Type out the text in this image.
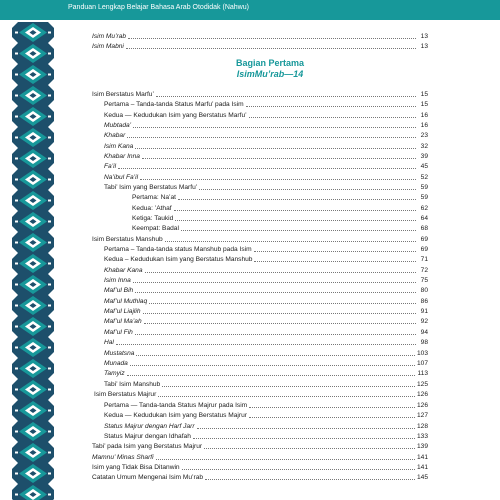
Panduan Lengkap Belajar Bahasa Arab Otodidak (Nahwu)
Bagian Pertama
IsimMu’rab—14
Isim Mu’rab	13
Isim Mabni	13
Isim Berstatus Marfu’	15
Pertama – Tanda-tanda Status Marfu’ pada Isim	15
Kedua — Kedudukan Isim yang Berstatus Marfu’	16
Mubtada’	16
Khabar	23
Isim Kana	32
Khabar Inna	39
Fa’il	45
Na’ibul Fa’il	52
Tabi’ Isim yang Berstatus Marfu’	59
Pertama: Na’at	59
Kedua: ’Athaf	62
Ketiga: Taukid	64
Keempat: Badal	68
Isim Berstatus Manshub	69
Pertama – Tanda-tanda status Manshub pada Isim	69
Kedua – Kedudukan Isim yang Berstatus Manshub	71
Khabar Kana	72
Isim Inna	75
Maf’ul Bih	80
Maf’ul Muthlaq	86
Maf’ul Liajlih	91
Maf’ul Ma’ah	92
Maf’ul Fih	94
Hal	98
Mustatsna	103
Munada	107
Tamyiz	113
Tabi’ Isim Manshub	125
Isim Berstatus Majrur	126
Pertama — Tanda-tanda Status Majrur pada Isim	126
Kedua — Kedudukan Isim yang Berstatus Majrur	127
Status Majrur dengan Harf Jarr	128
Status Majrur dengan Idhafah	133
Tabi’ pada Isim yang Berstatus Majrur	139
Mamnu’ Minas Sharfi	141
Isim yang Tidak Bisa Ditanwin	141
Catatan Umum Mengenai Isim Mu’rab	145
